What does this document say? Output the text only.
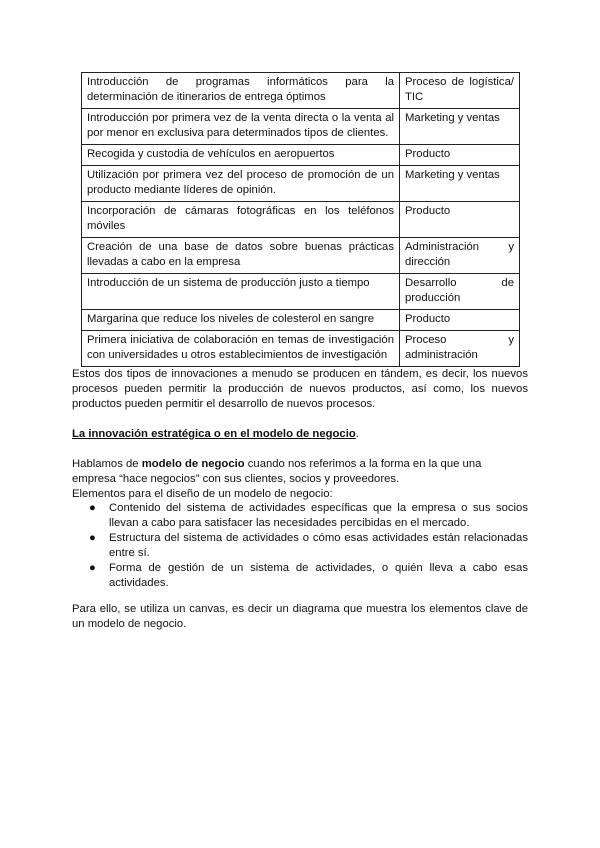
Introducción de programas informáticos para la determinación de itinerarios de entrega óptimos	Proceso de logística/ TIC
Introducción por primera vez de la venta directa o la venta al por menor en exclusiva para determinados tipos de clientes.	Marketing y ventas
Recogida y custodia de vehículos en aeropuertos	Producto
Utilización por primera vez del proceso de promoción de un producto mediante líderes de opinión.	Marketing y ventas
Incorporación de cámaras fotográficas en los teléfonos móviles	Producto
Creación de una base de datos sobre buenas prácticas llevadas a cabo en la empresa	Administración y dirección
Introducción de un sistema de producción justo a tiempo	Desarrollo de producción
Margarina que reduce los niveles de colesterol en sangre	Producto
Primera iniciativa de colaboración en temas de investigación con universidades u otros establecimientos de investigación	Proceso y administración

Estos dos tipos de innovaciones a menudo se producen en tándem, es decir, los nuevos procesos pueden permitir la producción de nuevos productos, así como, los nuevos productos pueden permitir el desarrollo de nuevos procesos.

La innovación estratégica o en el modelo de negocio.

Hablamos de modelo de negocio cuando nos referimos a la forma en la que una empresa “hace negocios” con sus clientes, socios y proveedores.

Elementos para el diseño de un modelo de negocio:

● Contenido del sistema de actividades específicas que la empresa o sus socios llevan a cabo para satisfacer las necesidades percibidas en el mercado.
● Estructura del sistema de actividades o cómo esas actividades están relacionadas entre sí.
● Forma de gestión de un sistema de actividades, o quién lleva a cabo esas actividades.

Para ello, se utiliza un canvas, es decir un diagrama que muestra los elementos clave de un modelo de negocio.
